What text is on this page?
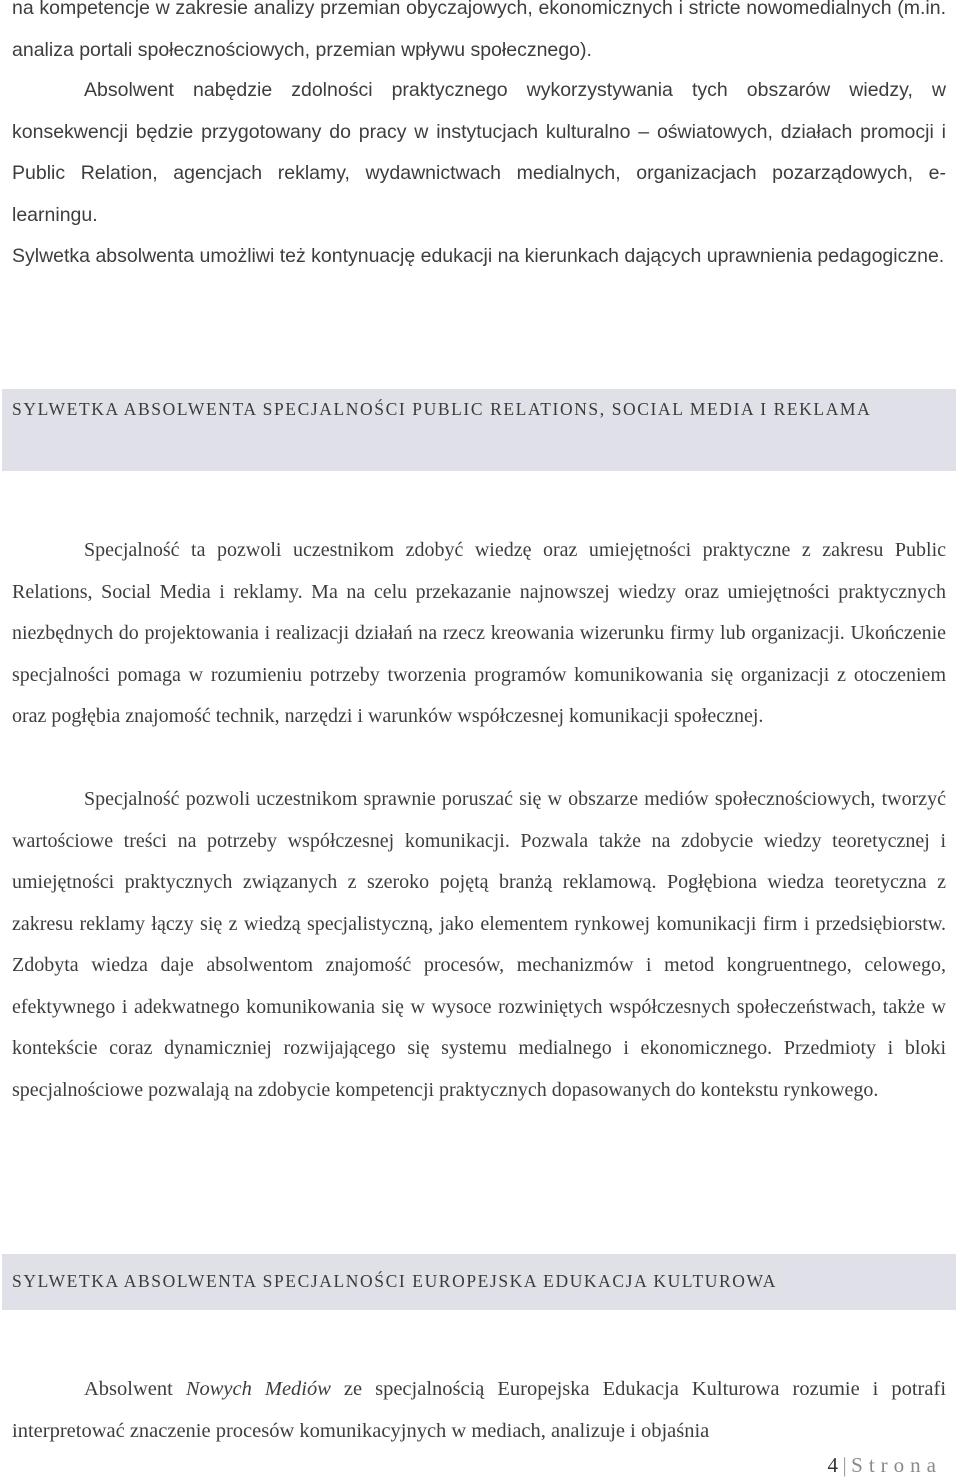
na kompetencje w zakresie analizy przemian obyczajowych, ekonomicznych i stricte nowomedialnych (m.in. analiza portali społecznościowych, przemian wpływu społecznego).

Absolwent nabędzie zdolności praktycznego wykorzystywania tych obszarów wiedzy, w konsekwencji będzie przygotowany do pracy w instytucjach kulturalno – oświatowych, działach promocji i Public Relation, agencjach reklamy, wydawnictwach medialnych, organizacjach pozarządowych, e-learningu.

Sylwetka absolwenta umożliwi też kontynuację edukacji na kierunkach dających uprawnienia pedagogiczne.

SYLWETKA ABSOLWENTA SPECJALNOŚCI PUBLIC RELATIONS, SOCIAL MEDIA I REKLAMA

Specjalność ta pozwoli uczestnikom zdobyć wiedzę oraz umiejętności praktyczne z zakresu Public Relations, Social Media i reklamy. Ma na celu przekazanie najnowszej wiedzy oraz umiejętności praktycznych niezbędnych do projektowania i realizacji działań na rzecz kreowania wizerunku firmy lub organizacji. Ukończenie specjalności pomaga w rozumieniu potrzeby tworzenia programów komunikowania się organizacji z otoczeniem oraz pogłębia znajomość technik, narzędzi i warunków współczesnej komunikacji społecznej.

Specjalność pozwoli uczestnikom sprawnie poruszać się w obszarze mediów społecznościowych, tworzyć wartościowe treści na potrzeby współczesnej komunikacji. Pozwala także na zdobycie wiedzy teoretycznej i umiejętności praktycznych związanych z szeroko pojętą branżą reklamową. Pogłębiona wiedza teoretyczna z zakresu reklamy łączy się z wiedzą specjalistyczną, jako elementem rynkowej komunikacji firm i przedsiębiorstw. Zdobyta wiedza daje absolwentom znajomość procesów, mechanizmów i metod kongruentnego, celowego, efektywnego i adekwatnego komunikowania się w wysoce rozwiniętych współczesnych społeczeństwach, także w kontekście coraz dynamiczniej rozwijającego się systemu medialnego i ekonomicznego. Przedmioty i bloki specjalnościowe pozwalają na zdobycie kompetencji praktycznych dopasowanych do kontekstu rynkowego.

SYLWETKA ABSOLWENTA SPECJALNOŚCI EUROPEJSKA EDUKACJA KULTUROWA

Absolwent Nowych Mediów ze specjalnością Europejska Edukacja Kulturowa rozumie i potrafi interpretować znaczenie procesów komunikacyjnych w mediach, analizuje i objaśnia

4 | Strona
